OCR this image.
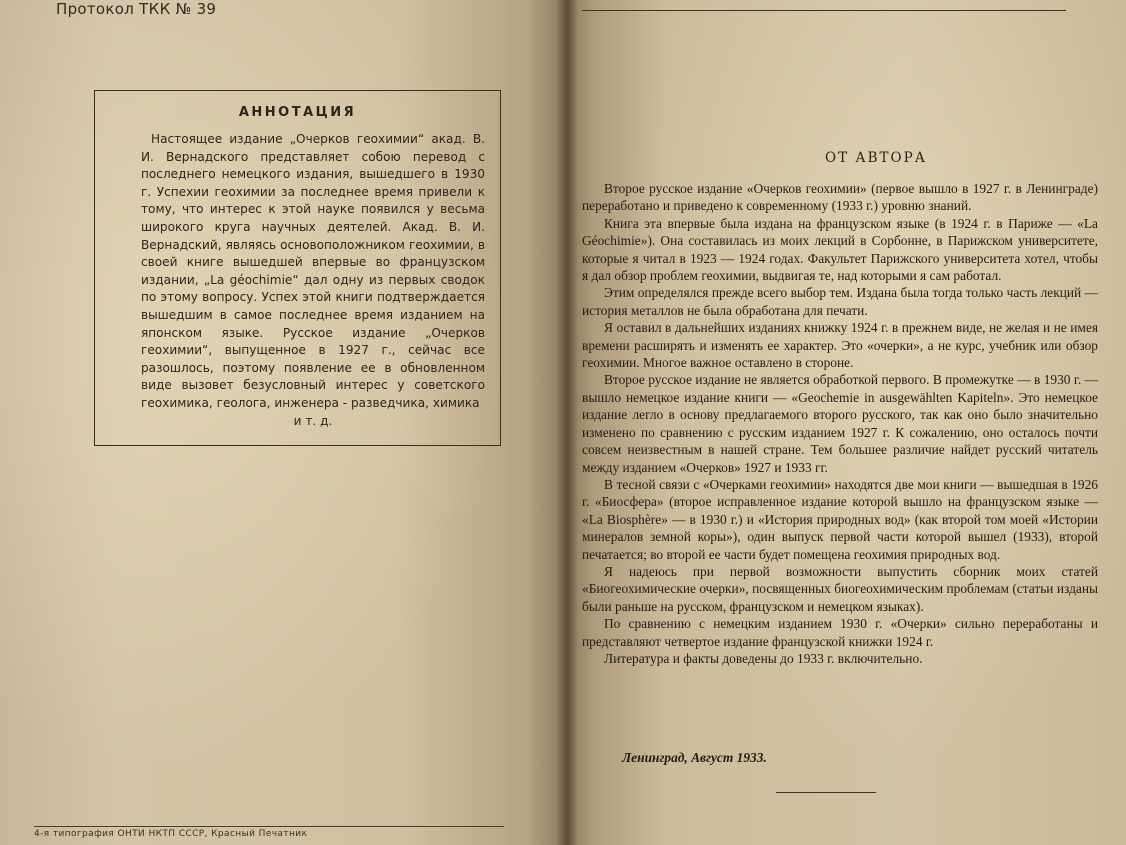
Протокол ТКК № 39
АННОТАЦИЯ
Настоящее издание „Очерков геохимии“ акад. В. И. Вернадского представляет собою перевод с последнего немецкого издания, вышедшего в 1930 г. Успехии геохимии за последнее время привели к тому, что интерес к этой науке появился у весьма широкого круга научных деятелей. Акад. В. И. Вернадский, являясь основоположником геохимии, в своей книге вышедшей впервые во французском издании, „La géochimie“ дал одну из первых сводок по этому вопросу. Успех этой книги подтверждается вышедшим в самое последнее время изданием на японском языке. Русское издание „Очерков геохимии“, выпущенное в 1927 г., сейчас все разошлось, поэтому появление ее в обновленном виде вызовет безусловный интерес у советского геохимика, геолога, инженера - разведчика, химика
и т. д.
4-я типография ОНТИ НКТП СССР, Красный Печатник
ОТ АВТОРА

Второе русское издание «Очерков геохимии» (первое вышло в 1927 г. в Ленинграде) переработано и приведено к современному (1933 г.) уровню знаний.

Книга эта впервые была издана на французском языке (в 1924 г. в Париже — «La Géochimie»). Она составилась из моих лекций в Сорбонне, в Парижском университете, которые я читал в 1923 — 1924 годах. Факультет Парижского университета хотел, чтобы я дал обзор проблем геохимии, выдвигая те, над которыми я сам работал.

Этим определялся прежде всего выбор тем. Издана была тогда только часть лекций — история металлов не была обработана для печати.

Я оставил в дальнейших изданиях книжку 1924 г. в прежнем виде, не желая и не имея времени расширять и изменять ее характер. Это «очерки», а не курс, учебник или обзор геохимии. Многое важное оставлено в стороне.

Второе русское издание не является обработкой первого. В промежутке — в 1930 г. — вышло немецкое издание книги — «Geochemie in ausgewählten Kapiteln». Это немецкое издание легло в основу предлагаемого второго русского, так как оно было значительно изменено по сравнению с русским изданием 1927 г. К сожалению, оно осталось почти совсем неизвестным в нашей стране. Тем большее различие найдет русский читатель между изданием «Очерков» 1927 и 1933 гг.

В тесной связи с «Очерками геохимии» находятся две мои книги — вышедшая в 1926 г. «Биосфера» (второе исправленное издание которой вышло на французском языке — «La Biosphère» — в 1930 г.) и «История природных вод» (как второй том моей «Истории минералов земной коры»), один выпуск первой части которой вышел (1933), второй печатается; во второй ее части будет помещена геохимия природных вод.

Я надеюсь при первой возможности выпустить сборник моих статей «Биогеохимические очерки», посвященных биогеохимическим проблемам (статьи изданы были раньше на русском, французском и немецком языках).

По сравнению с немецким изданием 1930 г. «Очерки» сильно переработаны и представляют четвертое издание французской книжки 1924 г.

Литература и факты доведены до 1933 г. включительно.

Ленинград, Август 1933.
